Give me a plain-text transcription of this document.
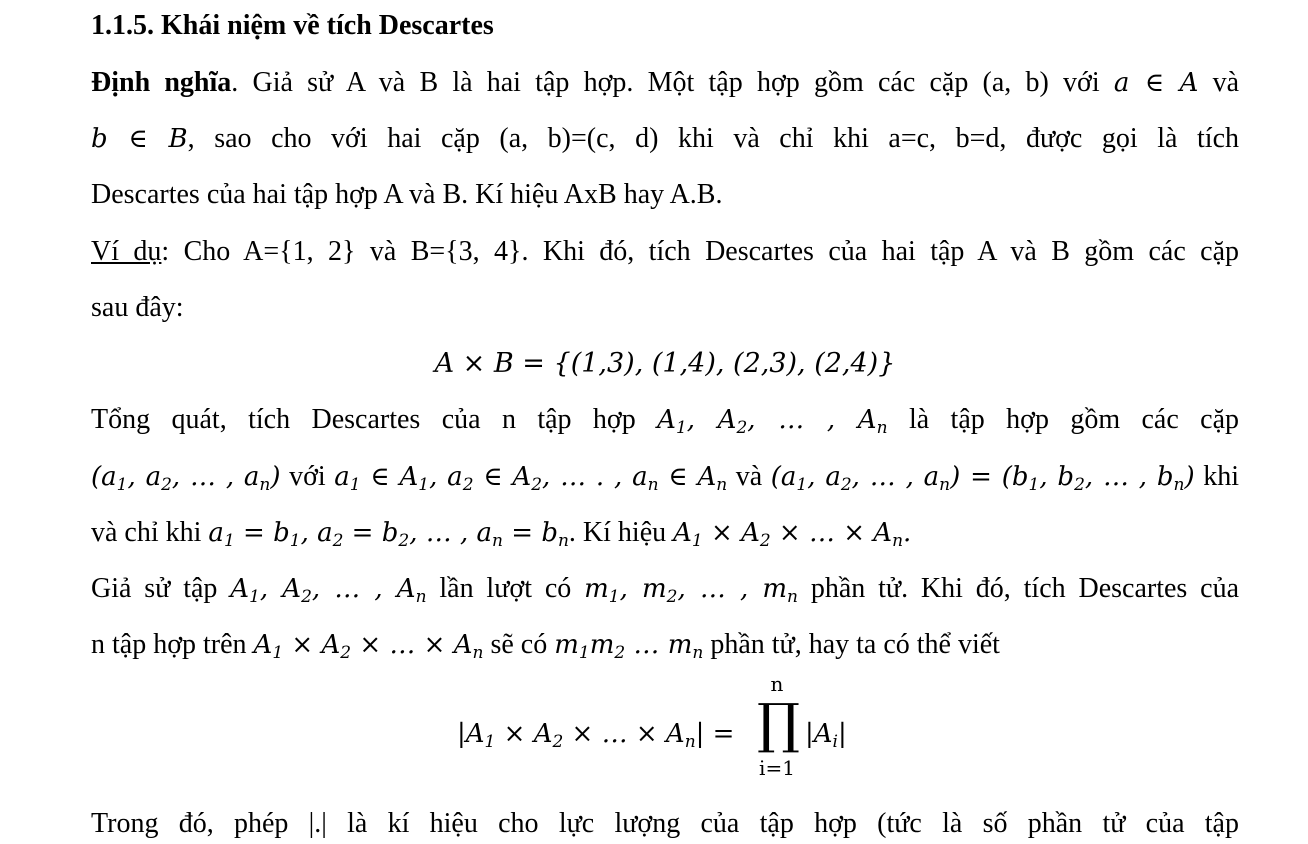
1.1.5. Khái niệm về tích Descartes
Định nghĩa. Giả sử A và B là hai tập hợp. Một tập hợp gồm các cặp (a, b) với a ∈ A và
b ∈ B, sao cho với hai cặp (a, b)=(c, d) khi và chỉ khi a=c, b=d, được gọi là tích
Descartes của hai tập hợp A và B. Kí hiệu AxB hay A.B.
Ví dụ: Cho A={1, 2} và B={3, 4}. Khi đó, tích Descartes của hai tập A và B gồm các cặp
sau đây:
A × B = {(1,3), (1,4), (2,3), (2,4)}
Tổng quát, tích Descartes của n tập hợp $A_1$, $A_2$, … , $A_n$ là tập hợp gồm các cặp
($a_1$, $a_2$, … , $a_n$) với $a_1$ ∈ $A_1$, $a_2$ ∈ $A_2$, … . , $a_n$ ∈ $A_n$ và ($a_1$, $a_2$, … , $a_n) = (b_1$, $b_2$, … , $b_n$) khi
và chỉ khi $a_1 = b_1$, $a_2 = b_2$, … , $a_n = b_n$. Kí hiệu $A_1 \times A_2$ × … × $A_n$.
Giả sử tập $A_1$, $A_2$, … , $A_n$ lần lượt có $m_1$, $m_2$, … , $m_n$ phần tử. Khi đó, tích Descartes của
n tập hợp trên $A_1 \times A_2$ × … × $A_n$ sẽ có $m_1m_2$ … $m_n$ phần tử, hay ta có thể viết
$|A_1 \times A_2$ × … × $A_n|$ =
n
∏
i=1
$|A_i|$
Trong đó, phép |.| là kí hiệu cho lực lượng của tập hợp (tức là số phần tử của tập
